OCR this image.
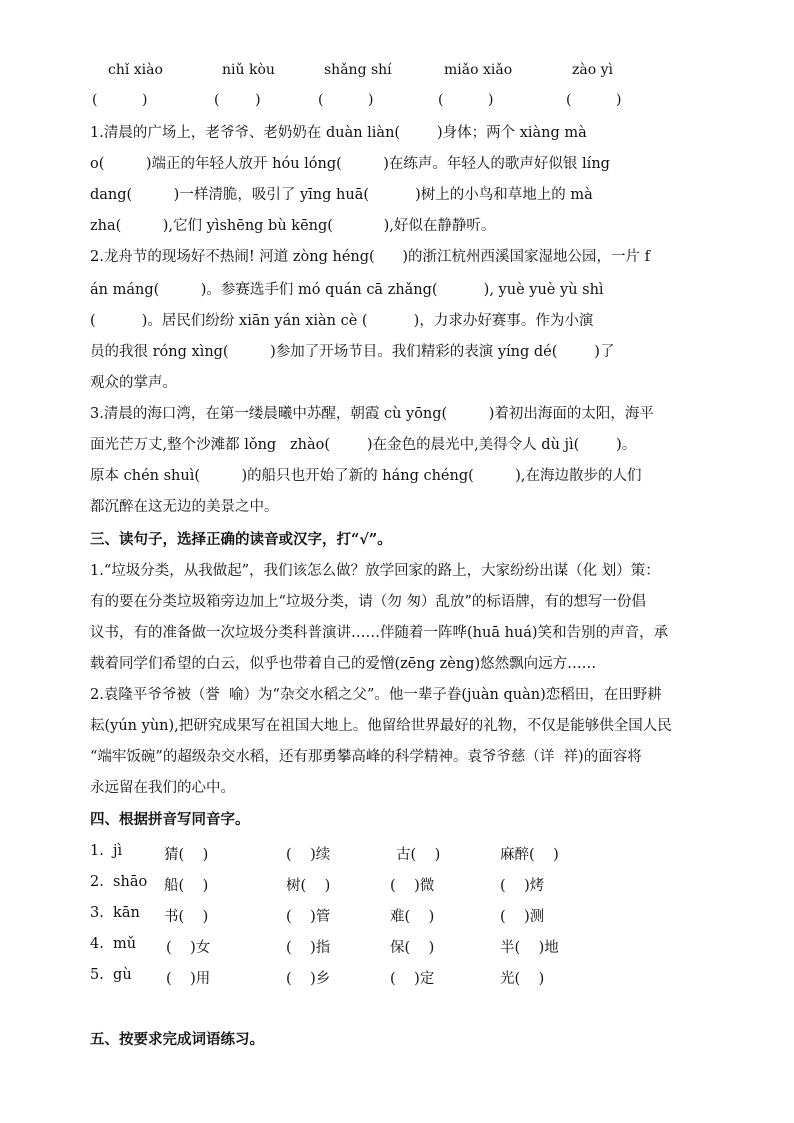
chǐ xiào	niǔ kòu	shǎng shí	miǎo xiǎo	zào yì
(          )	(        )	(          )	(          )	(          )
1.清晨的广场上，老爷爷、老奶奶在 duàn liàn(        )身体；两个 xiàng mà
o(         )端正的年轻人放开 hóu lóng(         )在练声。年轻人的歌声好似银 líng
dang(         )一样清脆，吸引了 yīng huā(          )树上的小鸟和草地上的 mà
zha(         ),它们 yìshēng bù kēng(           ),好似在静静听。
2.龙舟节的现场好不热闹! 河道 zòng héng(      )的浙江杭州西溪国家湿地公园，一片 f
án máng(         )。参赛选手们 mó quán cā zhǎng(          ), yuè yuè yù shì
(          )。居民们纷纷 xiān yán xiàn cè (          )，力求办好赛事。作为小演
员的我很 róng xìng(         )参加了开场节目。我们精彩的表演 yíng dé(        )了
观众的掌声。
3.清晨的海口湾，在第一缕晨曦中苏醒，朝霞 cù yōng(         )着初出海面的太阳，海平
面光芒万丈,整个沙滩都 lǒng   zhào(        )在金色的晨光中,美得令人 dù jì(        )。
原本 chén shuì(         )的船只也开始了新的 háng chéng(         ),在海边散步的人们
都沉醉在这无边的美景之中。
三、读句子，选择正确的读音或汉字，打“√”。
1.“垃圾分类，从我做起”，我们该怎么做？放学回家的路上，大家纷纷出谋（化 划）策：
有的要在分类垃圾箱旁边加上“垃圾分类，请（勿 匆）乱放”的标语牌，有的想写一份倡
议书，有的准备做一次垃圾分类科普演讲……伴随着一阵哗(huā huá)笑和告别的声音，承
载着同学们希望的白云，似乎也带着自己的爱憎(zēng zèng)悠然飘向远方……
2.袁隆平爷爷被（誉  喻）为“杂交水稻之父”。他一辈子眷(juàn quàn)恋稻田，在田野耕
耘(yún yùn),把研究成果写在祖国大地上。他留给世界最好的礼物，不仅是能够供全国人民
“端牢饭碗”的超级杂交水稻，还有那勇攀高峰的科学精神。袁爷爷慈（详  祥)的面容将
永远留在我们的心中。
四、根据拼音写同音字。
1.  jì	猜(    )	(    )续	古(    )	麻醉(    )
2.  shāo 船(    )	树(    )	(    )微	(    )烤
3.  kān 书(    )	(    )管	难(    )	(    )测
4.  mǔ (    )女	(    )指	保(    )	半(    )地
5.  gù (    )用	(    )乡	(    )定	光(    )
五、按要求完成词语练习。
